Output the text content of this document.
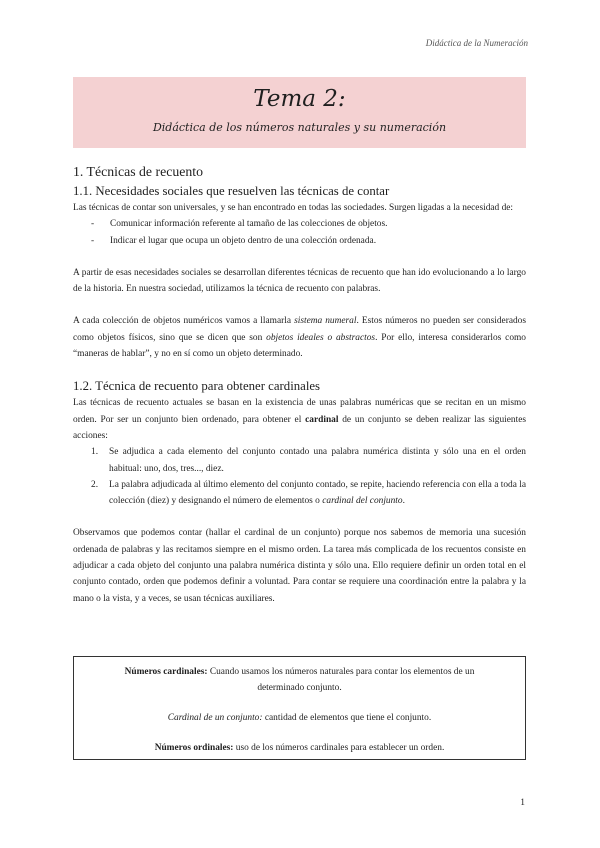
Didáctica de la Numeración
Tema 2:
Didáctica de los números naturales y su numeración
1. Técnicas de recuento
1.1. Necesidades sociales que resuelven las técnicas de contar

Las técnicas de contar son universales, y se han encontrado en todas las sociedades. Surgen ligadas a la necesidad de:

- Comunicar información referente al tamaño de las colecciones de objetos.
- Indicar el lugar que ocupa un objeto dentro de una colección ordenada.

A partir de esas necesidades sociales se desarrollan diferentes técnicas de recuento que han ido evolucionando a lo largo de la historia. En nuestra sociedad, utilizamos la técnica de recuento con palabras.

A cada colección de objetos numéricos vamos a llamarla sistema numeral. Estos números no pueden ser considerados como objetos físicos, sino que se dicen que son objetos ideales o abstractos. Por ello, interesa considerarlos como “maneras de hablar”, y no en sí como un objeto determinado.

1.2. Técnica de recuento para obtener cardinales

Las técnicas de recuento actuales se basan en la existencia de unas palabras numéricas que se recitan en un mismo orden. Por ser un conjunto bien ordenado, para obtener el cardinal de un conjunto se deben realizar las siguientes acciones:

1. Se adjudica a cada elemento del conjunto contado una palabra numérica distinta y sólo una en el orden habitual: uno, dos, tres..., diez.
2. La palabra adjudicada al último elemento del conjunto contado, se repite, haciendo referencia con ella a toda la colección (diez) y designando el número de elementos o cardinal del conjunto.

Observamos que podemos contar (hallar el cardinal de un conjunto) porque nos sabemos de memoria una sucesión ordenada de palabras y las recitamos siempre en el mismo orden. La tarea más complicada de los recuentos consiste en adjudicar a cada objeto del conjunto una palabra numérica distinta y sólo una. Ello requiere definir un orden total en el conjunto contado, orden que podemos definir a voluntad. Para contar se requiere una coordinación entre la palabra y la mano o la vista, y a veces, se usan técnicas auxiliares.

Números cardinales: Cuando usamos los números naturales para contar los elementos de un determinado conjunto.

Cardinal de un conjunto: cantidad de elementos que tiene el conjunto.

Números ordinales: uso de los números cardinales para establecer un orden.

1
